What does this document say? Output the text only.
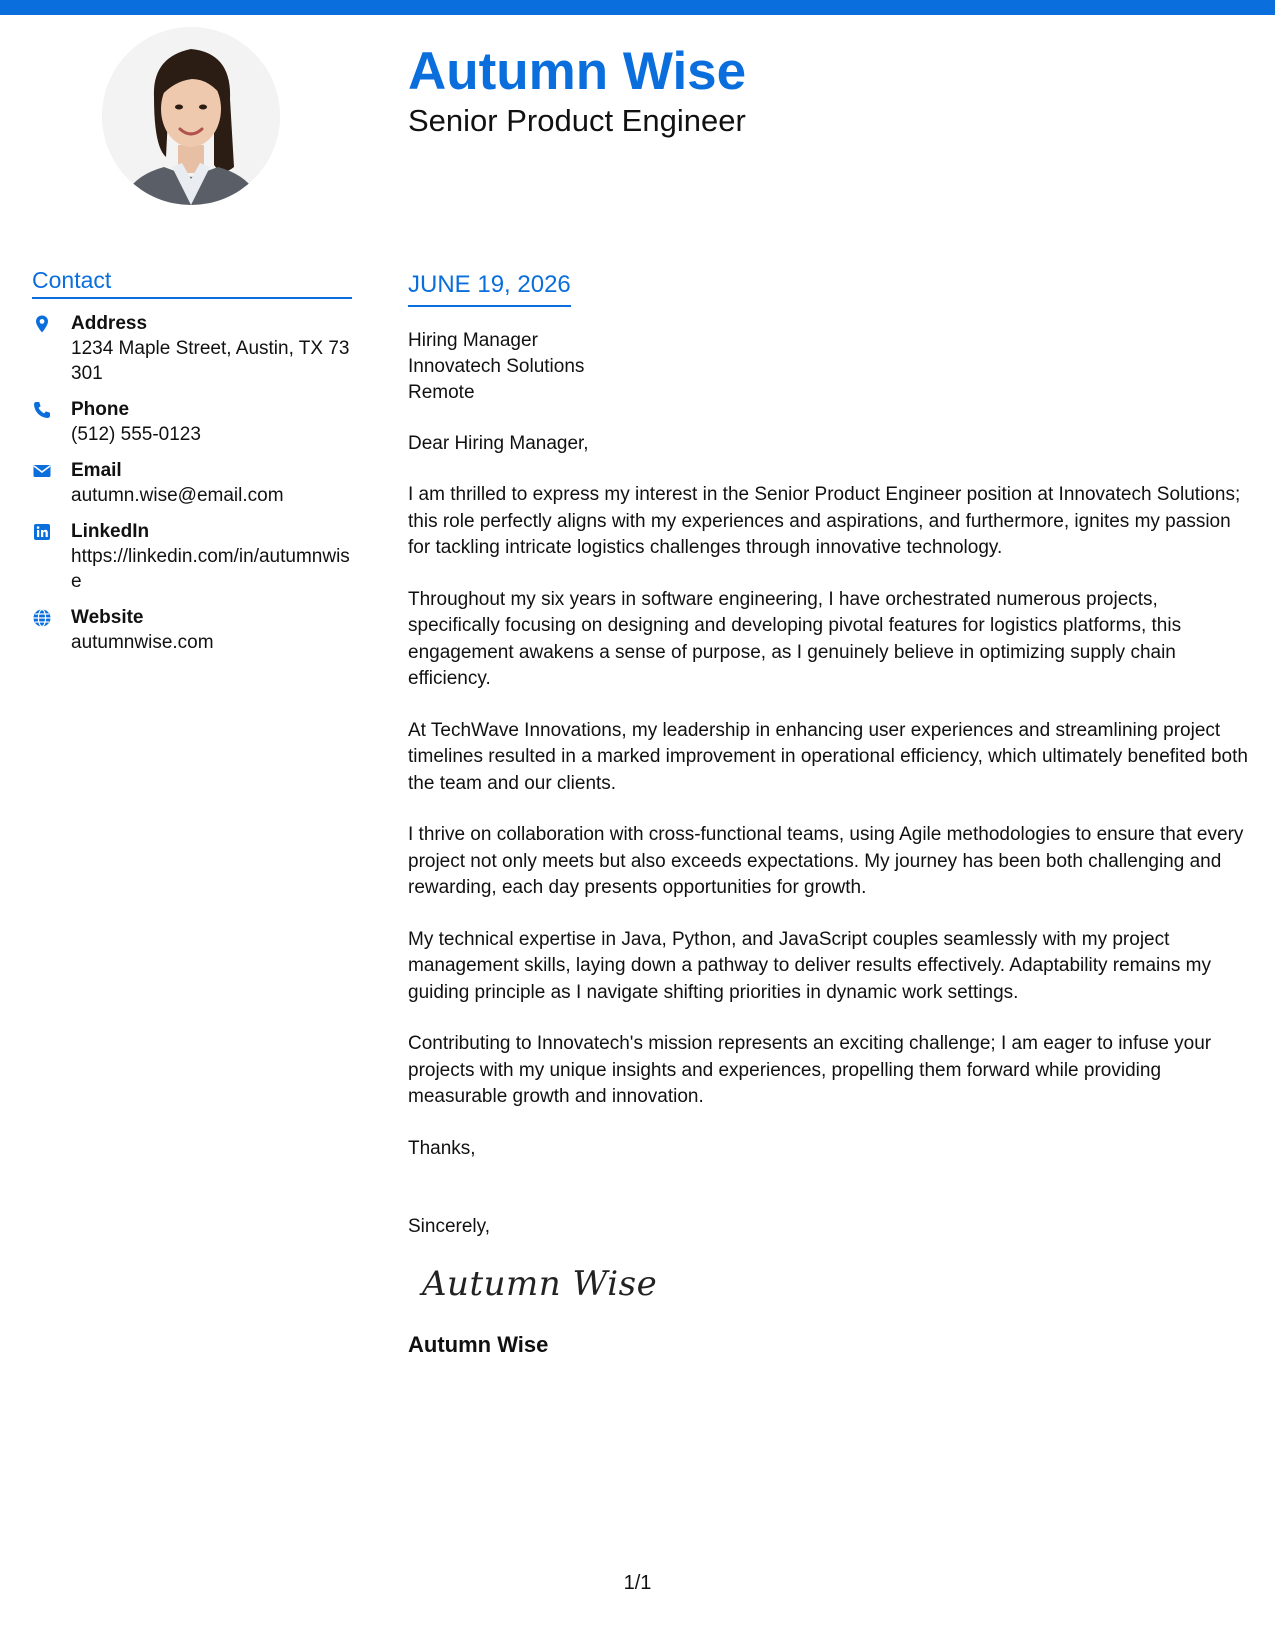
Autumn Wise
Senior Product Engineer
Contact
Address
1234 Maple Street, Austin, TX 73301
Phone
(512) 555-0123
Email
autumn.wise@email.com
LinkedIn
https://linkedin.com/in/autumnwise
Website
autumnwise.com
JUNE 19, 2026
Hiring Manager
Innovatech Solutions
Remote
Dear Hiring Manager,

I am thrilled to express my interest in the Senior Product Engineer position at Innovatech Solutions; this role perfectly aligns with my experiences and aspirations, and furthermore, ignites my passion for tackling intricate logistics challenges through innovative technology.

Throughout my six years in software engineering, I have orchestrated numerous projects, specifically focusing on designing and developing pivotal features for logistics platforms, this engagement awakens a sense of purpose, as I genuinely believe in optimizing supply chain efficiency.

At TechWave Innovations, my leadership in enhancing user experiences and streamlining project timelines resulted in a marked improvement in operational efficiency, which ultimately benefited both the team and our clients.

I thrive on collaboration with cross-functional teams, using Agile methodologies to ensure that every project not only meets but also exceeds expectations. My journey has been both challenging and rewarding, each day presents opportunities for growth.

My technical expertise in Java, Python, and JavaScript couples seamlessly with my project management skills, laying down a pathway to deliver results effectively. Adaptability remains my guiding principle as I navigate shifting priorities in dynamic work settings.

Contributing to Innovatech's mission represents an exciting challenge; I am eager to infuse your projects with my unique insights and experiences, propelling them forward while providing measurable growth and innovation.

Thanks,
Sincerely,
Autumn Wise
Autumn Wise
1/1
